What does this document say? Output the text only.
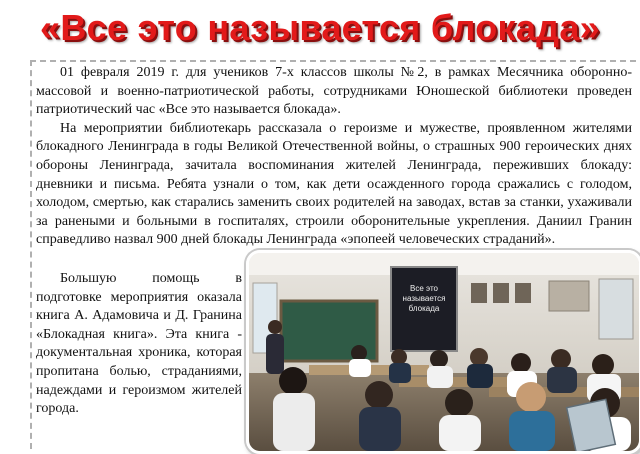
«Все это называется блокада»

01 февраля 2019 г. для учеников 7-х классов школы №2, в рамках Месячника оборонно-массовой и военно-патриотической работы, сотрудниками Юношеской библиотеки проведен патриотический час «Все это называется блокада».

На мероприятии библиотекарь рассказала о героизме и мужестве, проявленном жителями блокадного Ленинграда в годы Великой Отечественной войны, о страшных 900 героических днях обороны Ленинграда, зачитала воспоминания жителей Ленинграда, переживших блокаду: дневники и письма. Ребята узнали о том, как дети осажденного города сражались с голодом, холодом, смертью, как старались заменить своих родителей на заводах, встав за станки, ухаживали за ранеными и больными в госпиталях, строили оборонительные укрепления. Даниил Гранин справедливо назвал 900 дней блокады Ленинграда «эпопеей человеческих страданий».

Большую помощь в подготовке мероприятия оказала книга А. Адамовича и Д. Гранина «Блокадная книга». Эта книга - документальная хроника, которая пропитана болью, страданиями, надеждами и героизмом жителей города.

Все это
называется
блокада
